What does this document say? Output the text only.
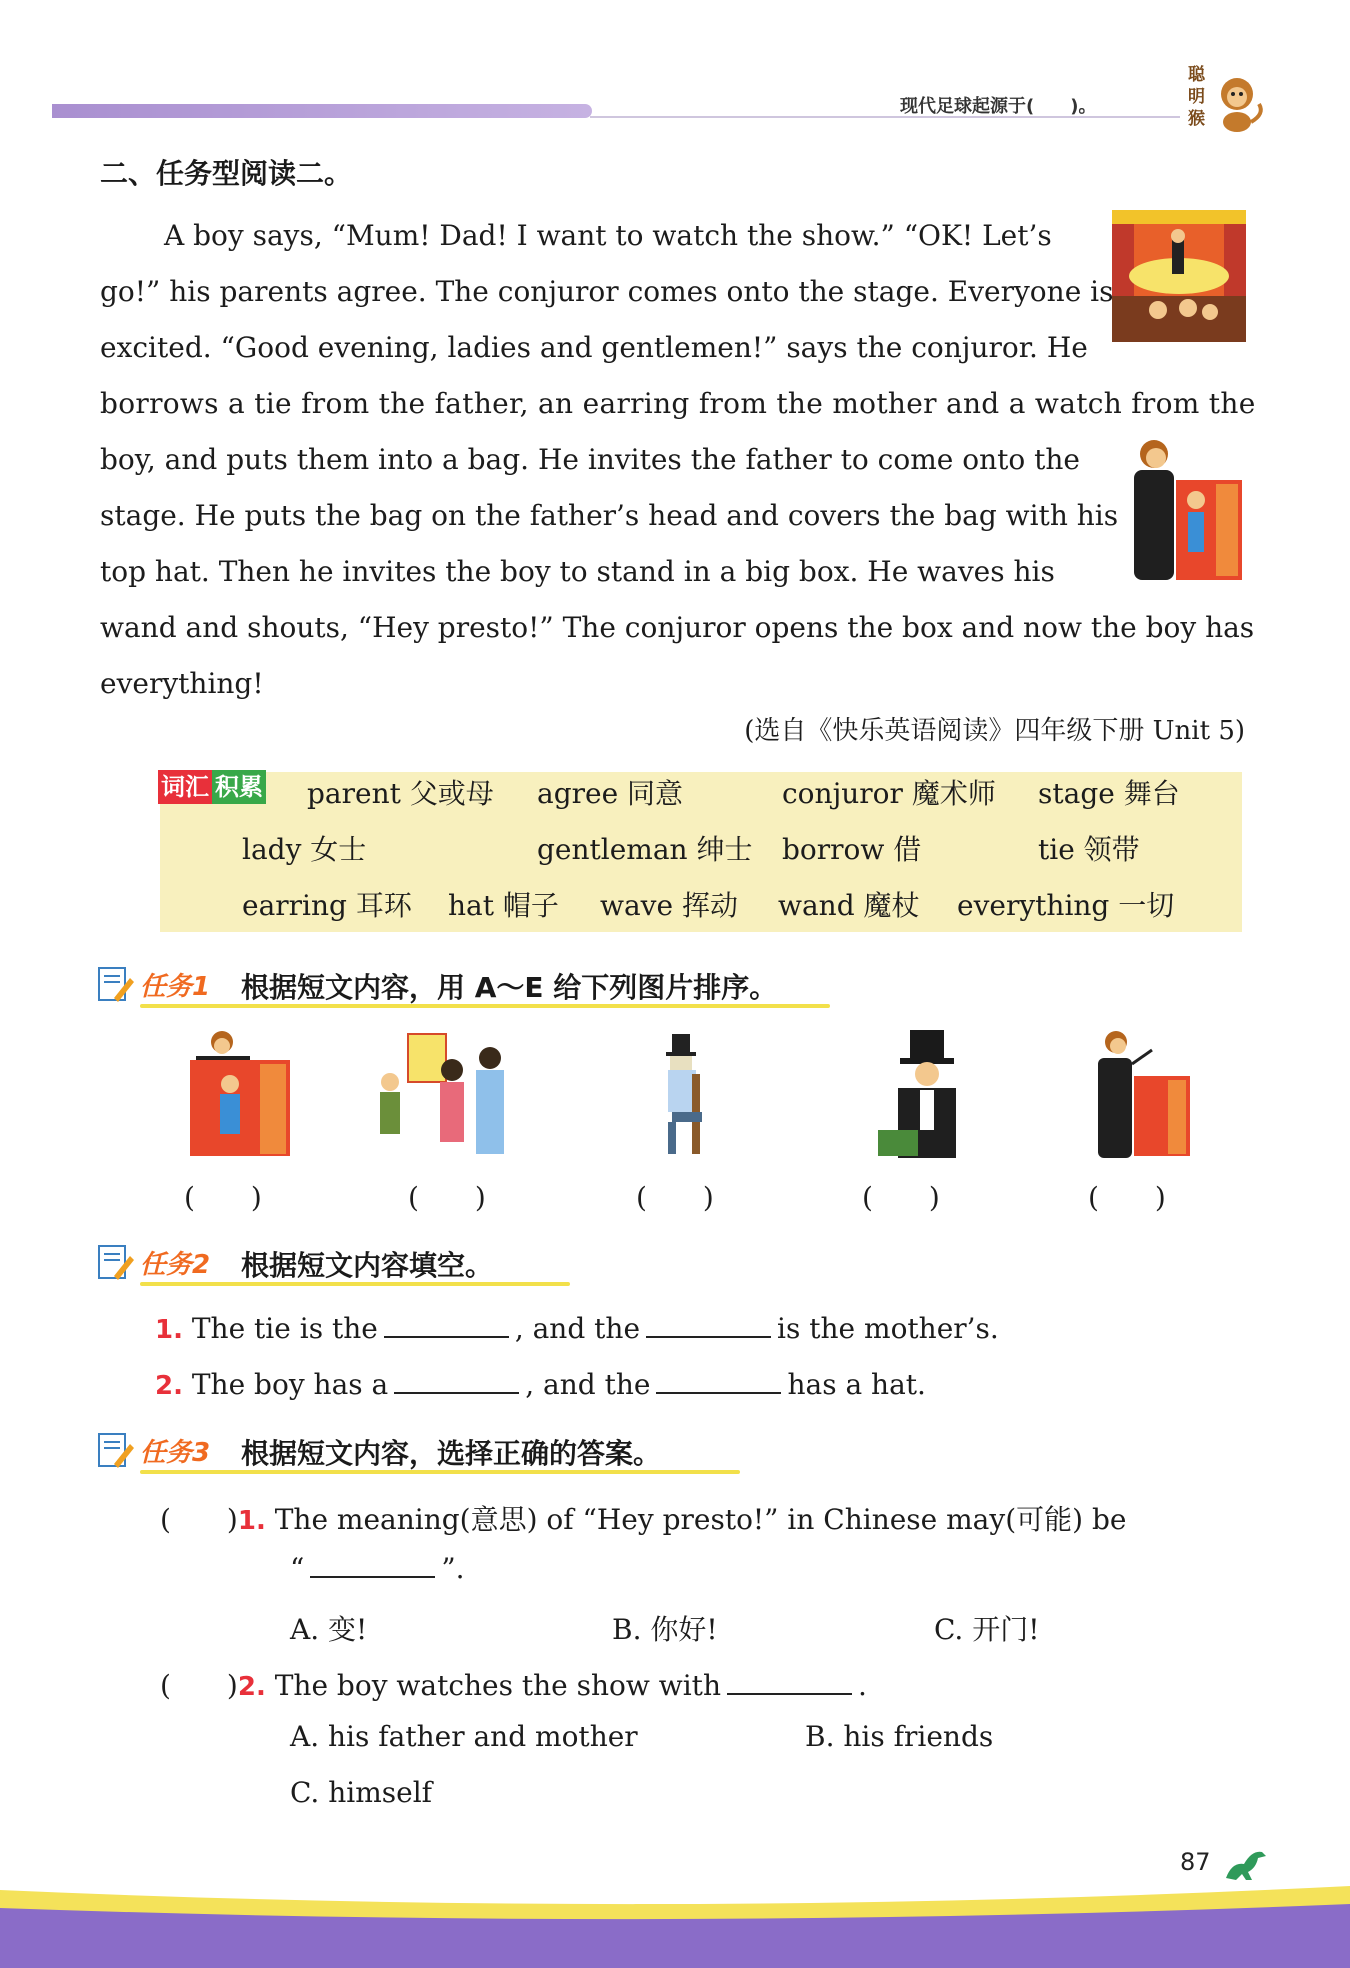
现代足球起源于(　　)。
聪明猴
二、任务型阅读二。
A boy says, “Mum! Dad! I want to watch the show.” “OK! Let’s
go!” his parents agree. The conjuror comes onto the stage. Everyone is
excited. “Good evening, ladies and gentlemen!” says the conjuror. He
borrows a tie from the father, an earring from the mother and a watch from the
boy, and puts them into a bag. He invites the father to come onto the
stage. He puts the bag on the father’s head and covers the bag with his
top hat. Then he invites the boy to stand in a big box. He waves his
wand and shouts, “Hey presto!” The conjuror opens the box and now the boy has
everything!
(选自《快乐英语阅读》四年级下册 Unit 5)
词汇 积累	parent 父或母 agree 同意	conjuror 魔术师 stage 舞台
lady 女士	gentleman 绅士 borrow 借	tie 领带
earring 耳环 hat 帽子 wave 挥动 wand 魔杖 everything 一切
任务1 根据短文内容，用 A～E 给下列图片排序。
(　　)	(　　)	(　　)	(　　)	(　　)
任务2 根据短文内容填空。
1. The tie is the	, and the	is the mother’s.
2. The boy has a	, and the	has a hat.
任务3 根据短文内容，选择正确的答案。
(　　)1. The meaning(意思) of “Hey presto!” in Chinese may(可能) be
“	”.
A. 变!	B. 你好!	C. 开门!
(　　)2. The boy watches the show with	.
A. his father and mother	B. his friends
C. himself
87
